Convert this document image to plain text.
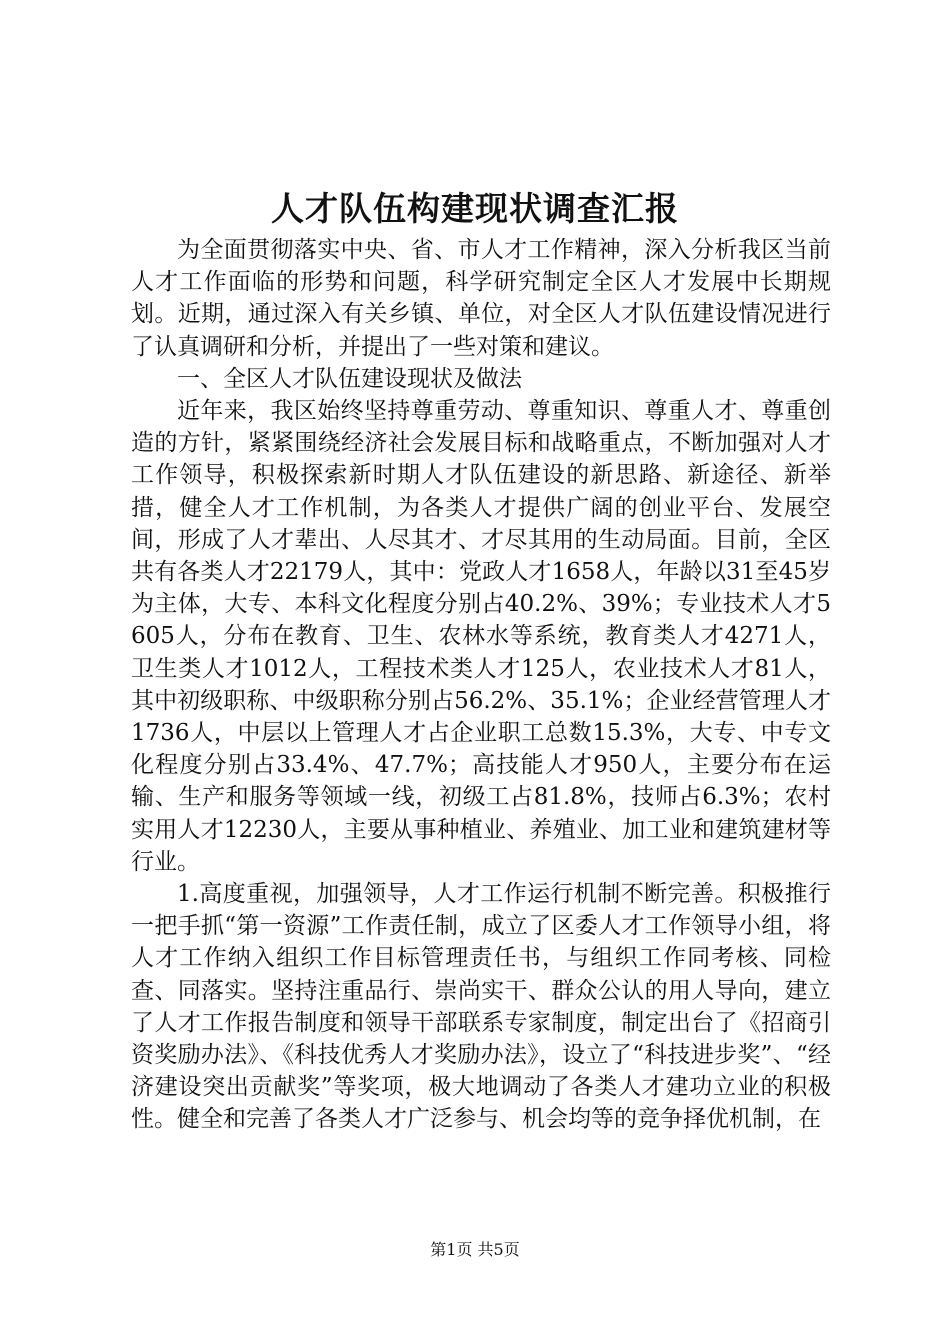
人才队伍构建现状调查汇报

为全面贯彻落实中央、省、市人才工作精神，深入分析我区当前人才工作面临的形势和问题，科学研究制定全区人才发展中长期规划。近期，通过深入有关乡镇、单位，对全区人才队伍建设情况进行了认真调研和分析，并提出了一些对策和建议。

一、全区人才队伍建设现状及做法

近年来，我区始终坚持尊重劳动、尊重知识、尊重人才、尊重创造的方针，紧紧围绕经济社会发展目标和战略重点，不断加强对人才工作领导，积极探索新时期人才队伍建设的新思路、新途径、新举措，健全人才工作机制，为各类人才提供广阔的创业平台、发展空间，形成了人才辈出、人尽其才、才尽其用的生动局面。目前，全区共有各类人才22179人，其中：党政人才1658人，年龄以31至45岁为主体，大专、本科文化程度分别占40.2%、39%；专业技术人才5605人，分布在教育、卫生、农林水等系统，教育类人才4271人，卫生类人才1012人，工程技术类人才125人，农业技术人才81人，其中初级职称、中级职称分别占56.2%、35.1%；企业经营管理人才1736人，中层以上管理人才占企业职工总数15.3%，大专、中专文化程度分别占33.4%、47.7%；高技能人才950人，主要分布在运输、生产和服务等领域一线，初级工占81.8%，技师占6.3%；农村实用人才12230人，主要从事种植业、养殖业、加工业和建筑建材等行业。

1.高度重视，加强领导，人才工作运行机制不断完善。积极推行一把手抓“第一资源”工作责任制，成立了区委人才工作领导小组，将人才工作纳入组织工作目标管理责任书，与组织工作同考核、同检查、同落实。坚持注重品行、崇尚实干、群众公认的用人导向，建立了人才工作报告制度和领导干部联系专家制度，制定出台了《招商引资奖励办法》、《科技优秀人才奖励办法》，设立了“科技进步奖”、“经济建设突出贡献奖”等奖项，极大地调动了各类人才建功立业的积极性。健全和完善了各类人才广泛参与、机会均等的竞争择优机制，在

第1页 共5页
